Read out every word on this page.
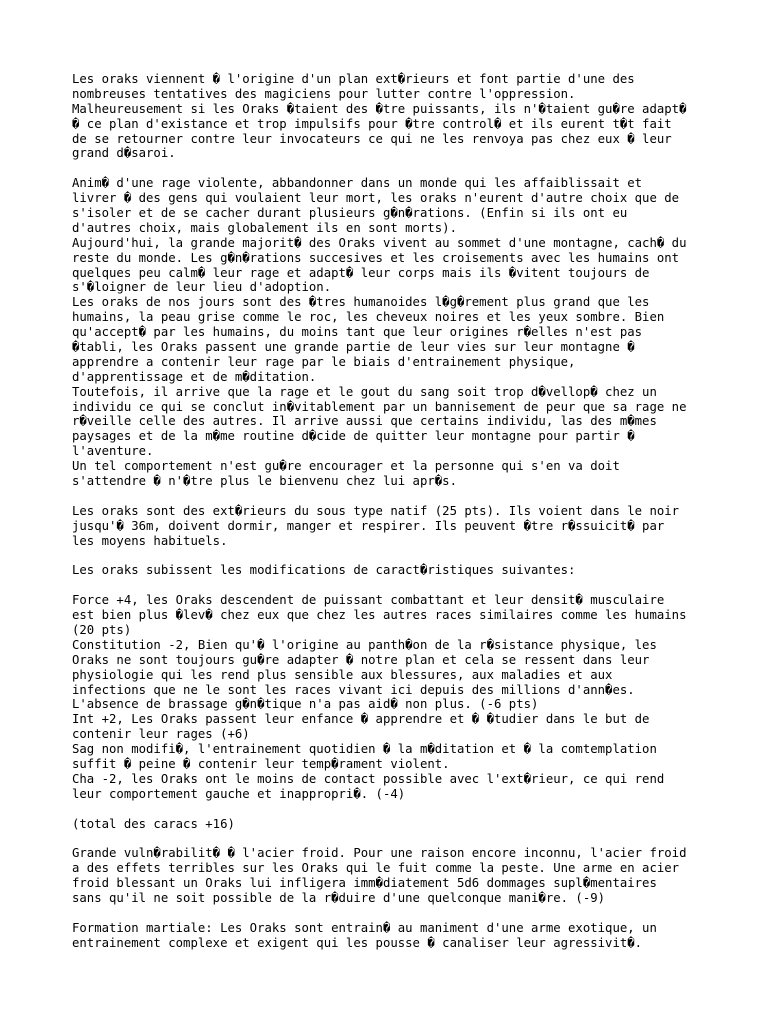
Les oraks viennent � l'origine d'un plan ext�rieurs et font partie d'une des
nombreuses tentatives des magiciens pour lutter contre l'oppression.
Malheureusement si les Oraks �taient des �tre puissants, ils n'�taient gu�re adapt�
� ce plan d'existance et trop impulsifs pour �tre control� et ils eurent t�t fait
de se retourner contre leur invocateurs ce qui ne les renvoya pas chez eux � leur
grand d�saroi.
Anim� d'une rage violente, abbandonner dans un monde qui les affaiblissait et
livrer � des gens qui voulaient leur mort, les oraks n'eurent d'autre choix que de
s'isoler et de se cacher durant plusieurs g�n�rations. (Enfin si ils ont eu
d'autres choix, mais globalement ils en sont morts).
Aujourd'hui, la grande majorit� des Oraks vivent au sommet d'une montagne, cach� du
reste du monde. Les g�n�rations succesives et les croisements avec les humains ont
quelques peu calm� leur rage et adapt� leur corps mais ils �vitent toujours de
s'�loigner de leur lieu d'adoption.
Les oraks de nos jours sont des �tres humanoides l�g�rement plus grand que les
humains, la peau grise comme le roc, les cheveux noires et les yeux sombre. Bien
qu'accept� par les humains, du moins tant que leur origines r�elles n'est pas
�tabli, les Oraks passent une grande partie de leur vies sur leur montagne �
apprendre a contenir leur rage par le biais d'entrainement physique,
d'apprentissage et de m�ditation.
Toutefois, il arrive que la rage et le gout du sang soit trop d�vellop� chez un
individu ce qui se conclut in�vitablement par un bannisement de peur que sa rage ne
r�veille celle des autres. Il arrive aussi que certains individu, las des m�mes
paysages et de la m�me routine d�cide de quitter leur montagne pour partir �
l'aventure.
Un tel comportement n'est gu�re encourager et la personne qui s'en va doit
s'attendre � n'�tre plus le bienvenu chez lui apr�s.
Les oraks sont des ext�rieurs du sous type natif (25 pts). Ils voient dans le noir
jusqu'� 36m, doivent dormir, manger et respirer. Ils peuvent �tre r�ssuicit� par
les moyens habituels.
Les oraks subissent les modifications de caract�ristiques suivantes:
Force +4, les Oraks descendent de puissant combattant et leur densit� musculaire
est bien plus �lev� chez eux que chez les autres races similaires comme les humains
(20 pts)
Constitution -2, Bien qu'� l'origine au panth�on de la r�sistance physique, les
Oraks ne sont toujours gu�re adapter � notre plan et cela se ressent dans leur
physiologie qui les rend plus sensible aux blessures, aux maladies et aux
infections que ne le sont les races vivant ici depuis des millions d'ann�es.
L'absence de brassage g�n�tique n'a pas aid� non plus. (-6 pts)
Int +2, Les Oraks passent leur enfance � apprendre et � �tudier dans le but de
contenir leur rages (+6)
Sag non modifi�, l'entrainement quotidien � la m�ditation et � la comtemplation
suffit � peine � contenir leur temp�rament violent.
Cha -2, les Oraks ont le moins de contact possible avec l'ext�rieur, ce qui rend
leur comportement gauche et inappropri�. (-4)
(total des caracs +16)
Grande vuln�rabilit� � l'acier froid. Pour une raison encore inconnu, l'acier froid
a des effets terribles sur les Oraks qui le fuit comme la peste. Une arme en acier
froid blessant un Oraks lui infligera imm�diatement 5d6 dommages supl�mentaires
sans qu'il ne soit possible de la r�duire d'une quelconque mani�re. (-9)
Formation martiale: Les Oraks sont entrain� au maniment d'une arme exotique, un
entrainement complexe et exigent qui les pousse � canaliser leur agressivit�.
